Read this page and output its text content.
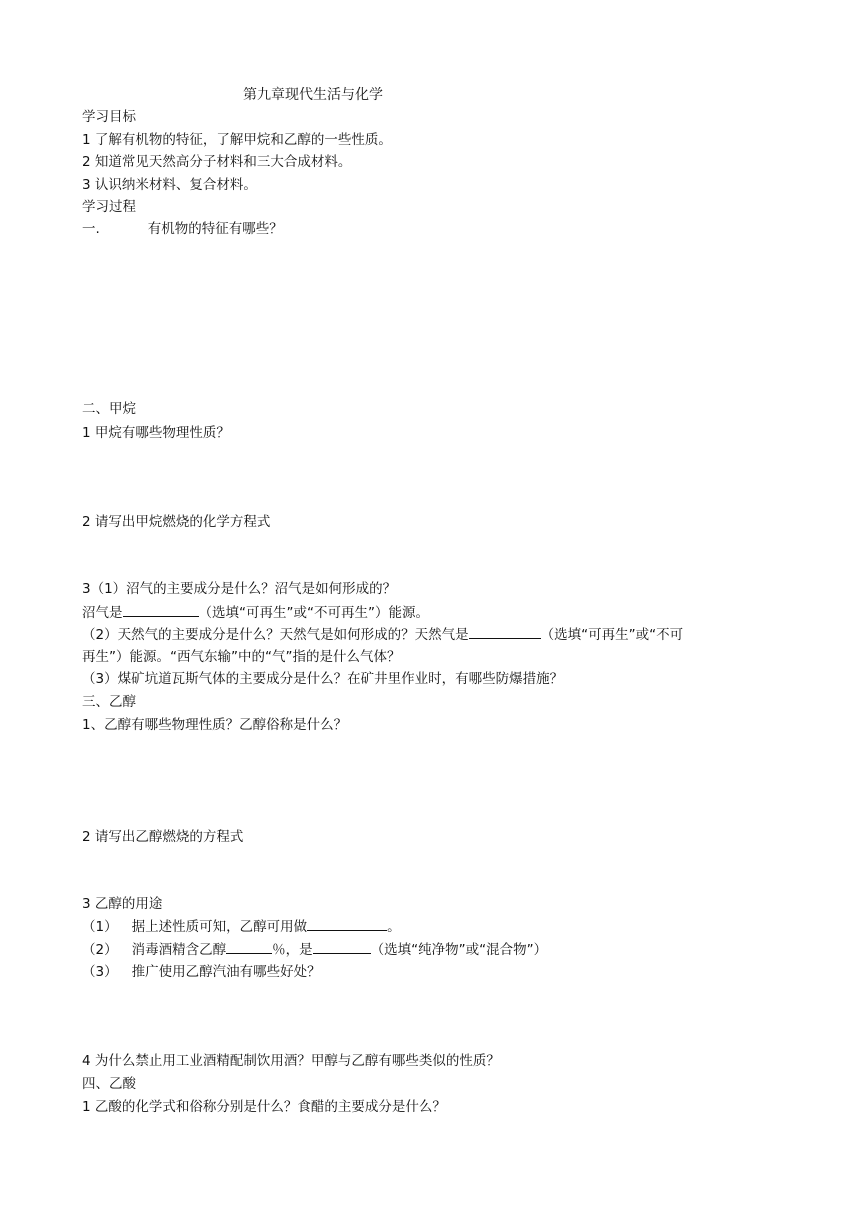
第九章现代生活与化学
学习目标
1 了解有机物的特征，了解甲烷和乙醇的一些性质。
2 知道常见天然高分子材料和三大合成材料。
3 认识纳米材料、复合材料。
学习过程
一.	有机物的特征有哪些？
二、甲烷
1 甲烷有哪些物理性质？
2 请写出甲烷燃烧的化学方程式
3（1）沼气的主要成分是什么？沼气是如何形成的？
沼气是	（选填“可再生”或“不可再生”）能源。
（2）天然气的主要成分是什么？天然气是如何形成的？天然气是	（选填“可再生”或“不可
再生”）能源。“西气东输”中的“气”指的是什么气体？
（3）煤矿坑道瓦斯气体的主要成分是什么？在矿井里作业时，有哪些防爆措施？
三、乙醇
1、乙醇有哪些物理性质？乙醇俗称是什么？
2 请写出乙醇燃烧的方程式
3 乙醇的用途
（1） 据上述性质可知，乙醇可用做	。
（2） 消毒酒精含乙醇	％，是	（选填“纯净物”或“混合物”）
（3） 推广使用乙醇汽油有哪些好处？
4 为什么禁止用工业酒精配制饮用酒？甲醇与乙醇有哪些类似的性质？
四、乙酸
1 乙酸的化学式和俗称分别是什么？食醋的主要成分是什么？
